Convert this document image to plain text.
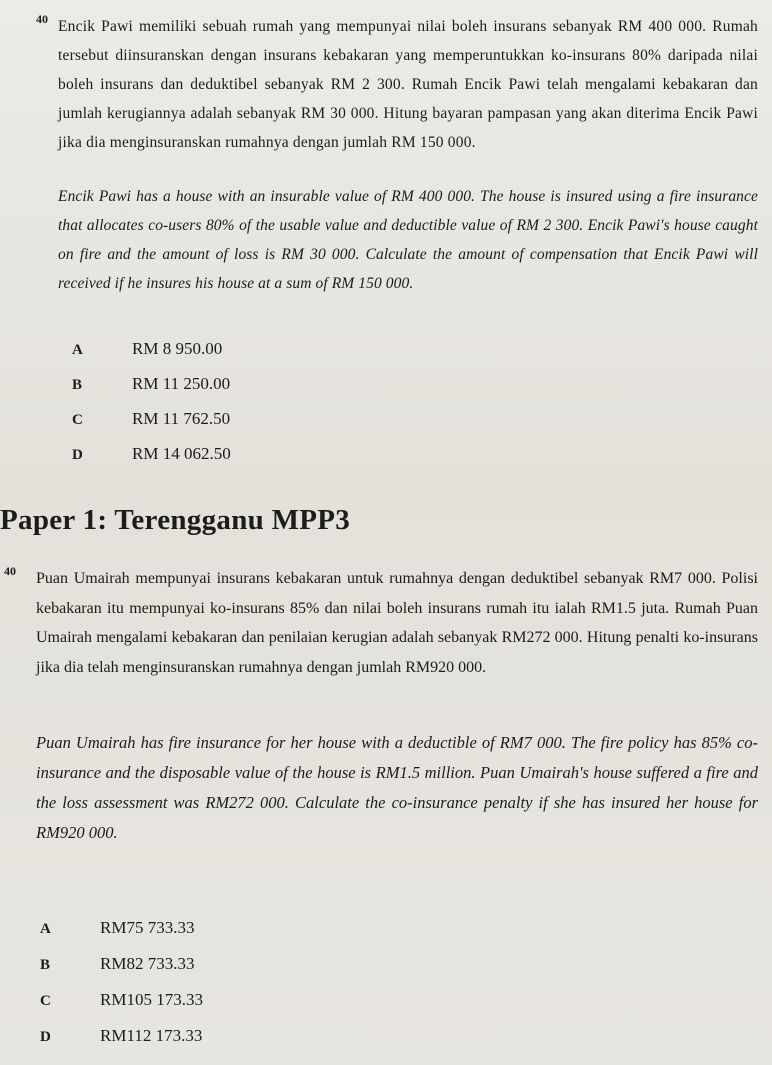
40 Encik Pawi memiliki sebuah rumah yang mempunyai nilai boleh insurans sebanyak RM 400 000. Rumah tersebut diinsuranskan dengan insurans kebakaran yang memperuntukkan ko-insurans 80% daripada nilai boleh insurans dan deduktibel sebanyak RM 2 300. Rumah Encik Pawi telah mengalami kebakaran dan jumlah kerugiannya adalah sebanyak RM 30 000. Hitung bayaran pampasan yang akan diterima Encik Pawi jika dia menginsuranskan rumahnya dengan jumlah RM 150 000.
Encik Pawi has a house with an insurable value of RM 400 000. The house is insured using a fire insurance that allocates co-users 80% of the usable value and deductible value of RM 2 300. Encik Pawi's house caught on fire and the amount of loss is RM 30 000. Calculate the amount of compensation that Encik Pawi will received if he insures his house at a sum of RM 150 000.
A	RM 8 950.00
B	RM 11 250.00
C	RM 11 762.50
D	RM 14 062.50
Paper 1: Terengganu MPP3
40 Puan Umairah mempunyai insurans kebakaran untuk rumahnya dengan deduktibel sebanyak RM7 000. Polisi kebakaran itu mempunyai ko-insurans 85% dan nilai boleh insurans rumah itu ialah RM1.5 juta. Rumah Puan Umairah mengalami kebakaran dan penilaian kerugian adalah sebanyak RM272 000. Hitung penalti ko-insurans jika dia telah menginsuranskan rumahnya dengan jumlah RM920 000.
Puan Umairah has fire insurance for her house with a deductible of RM7 000. The fire policy has 85% co-insurance and the disposable value of the house is RM1.5 million. Puan Umairah's house suffered a fire and the loss assessment was RM272 000. Calculate the co-insurance penalty if she has insured her house for RM920 000.
A	RM75 733.33
B	RM82 733.33
C	RM105 173.33
D	RM112 173.33
